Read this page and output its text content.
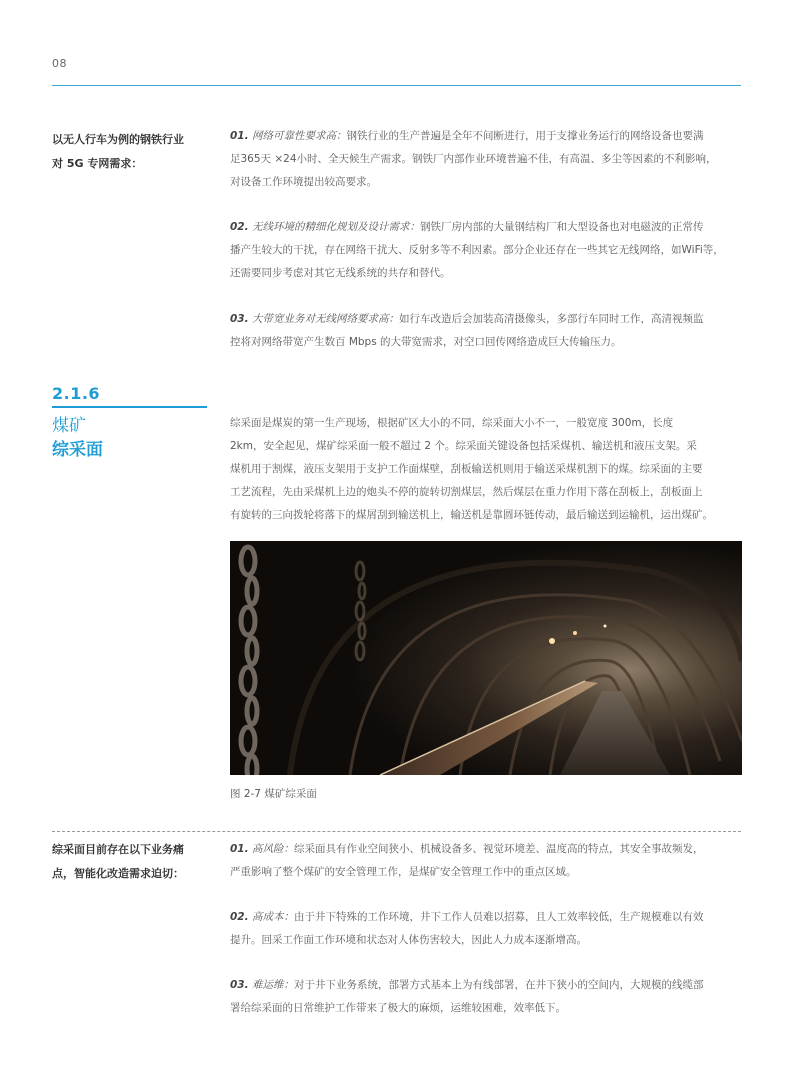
08
以无人行车为例的钢铁行业
对 5G 专网需求：
01. 网络可靠性要求高：钢铁行业的生产普遍是全年不间断进行，用于支撑业务运行的网络设备也要满
足365天 ×24小时、全天候生产需求。钢铁厂内部作业环境普遍不佳，有高温、多尘等因素的不利影响，
对设备工作环境提出较高要求。
02. 无线环境的精细化规划及设计需求：钢铁厂房内部的大量钢结构厂和大型设备也对电磁波的正常传
播产生较大的干扰，存在网络干扰大、反射多等不利因素。部分企业还存在一些其它无线网络，如WiFi等，
还需要同步考虑对其它无线系统的共存和替代。
03. 大带宽业务对无线网络要求高：如行车改造后会加装高清摄像头，多部行车同时工作，高清视频监
控将对网络带宽产生数百 Mbps 的大带宽需求，对空口回传网络造成巨大传输压力。
2.1.6
煤矿
综采面
综采面是煤炭的第一生产现场，根据矿区大小的不同，综采面大小不一，一般宽度 300m，长度
2km，安全起见，煤矿综采面一般不超过 2 个。综采面关键设备包括采煤机、输送机和液压支架。采
煤机用于割煤，液压支架用于支护工作面煤壁，刮板输送机则用于输送采煤机割下的煤。综采面的主要
工艺流程，先由采煤机上边的炮头不停的旋转切割煤层，然后煤层在重力作用下落在刮板上，刮板面上
有旋转的三向拨轮将落下的煤屑刮到输送机上，输送机是靠圆环链传动，最后输送到运输机，运出煤矿。
图 2-7 煤矿综采面
综采面目前存在以下业务痛
点，智能化改造需求迫切：
01. 高风险：综采面具有作业空间狭小、机械设备多、视觉环境差、温度高的特点，其安全事故频发，
严重影响了整个煤矿的安全管理工作，是煤矿安全管理工作中的重点区域。
02. 高成本：由于井下特殊的工作环境，井下工作人员难以招募，且人工效率较低，生产规模难以有效
提升。回采工作面工作环境和状态对人体伤害较大，因此人力成本逐渐增高。
03. 难运维：对于井下业务系统，部署方式基本上为有线部署，在井下狭小的空间内，大规模的线缆部
署给综采面的日常维护工作带来了极大的麻烦，运维较困难，效率低下。
